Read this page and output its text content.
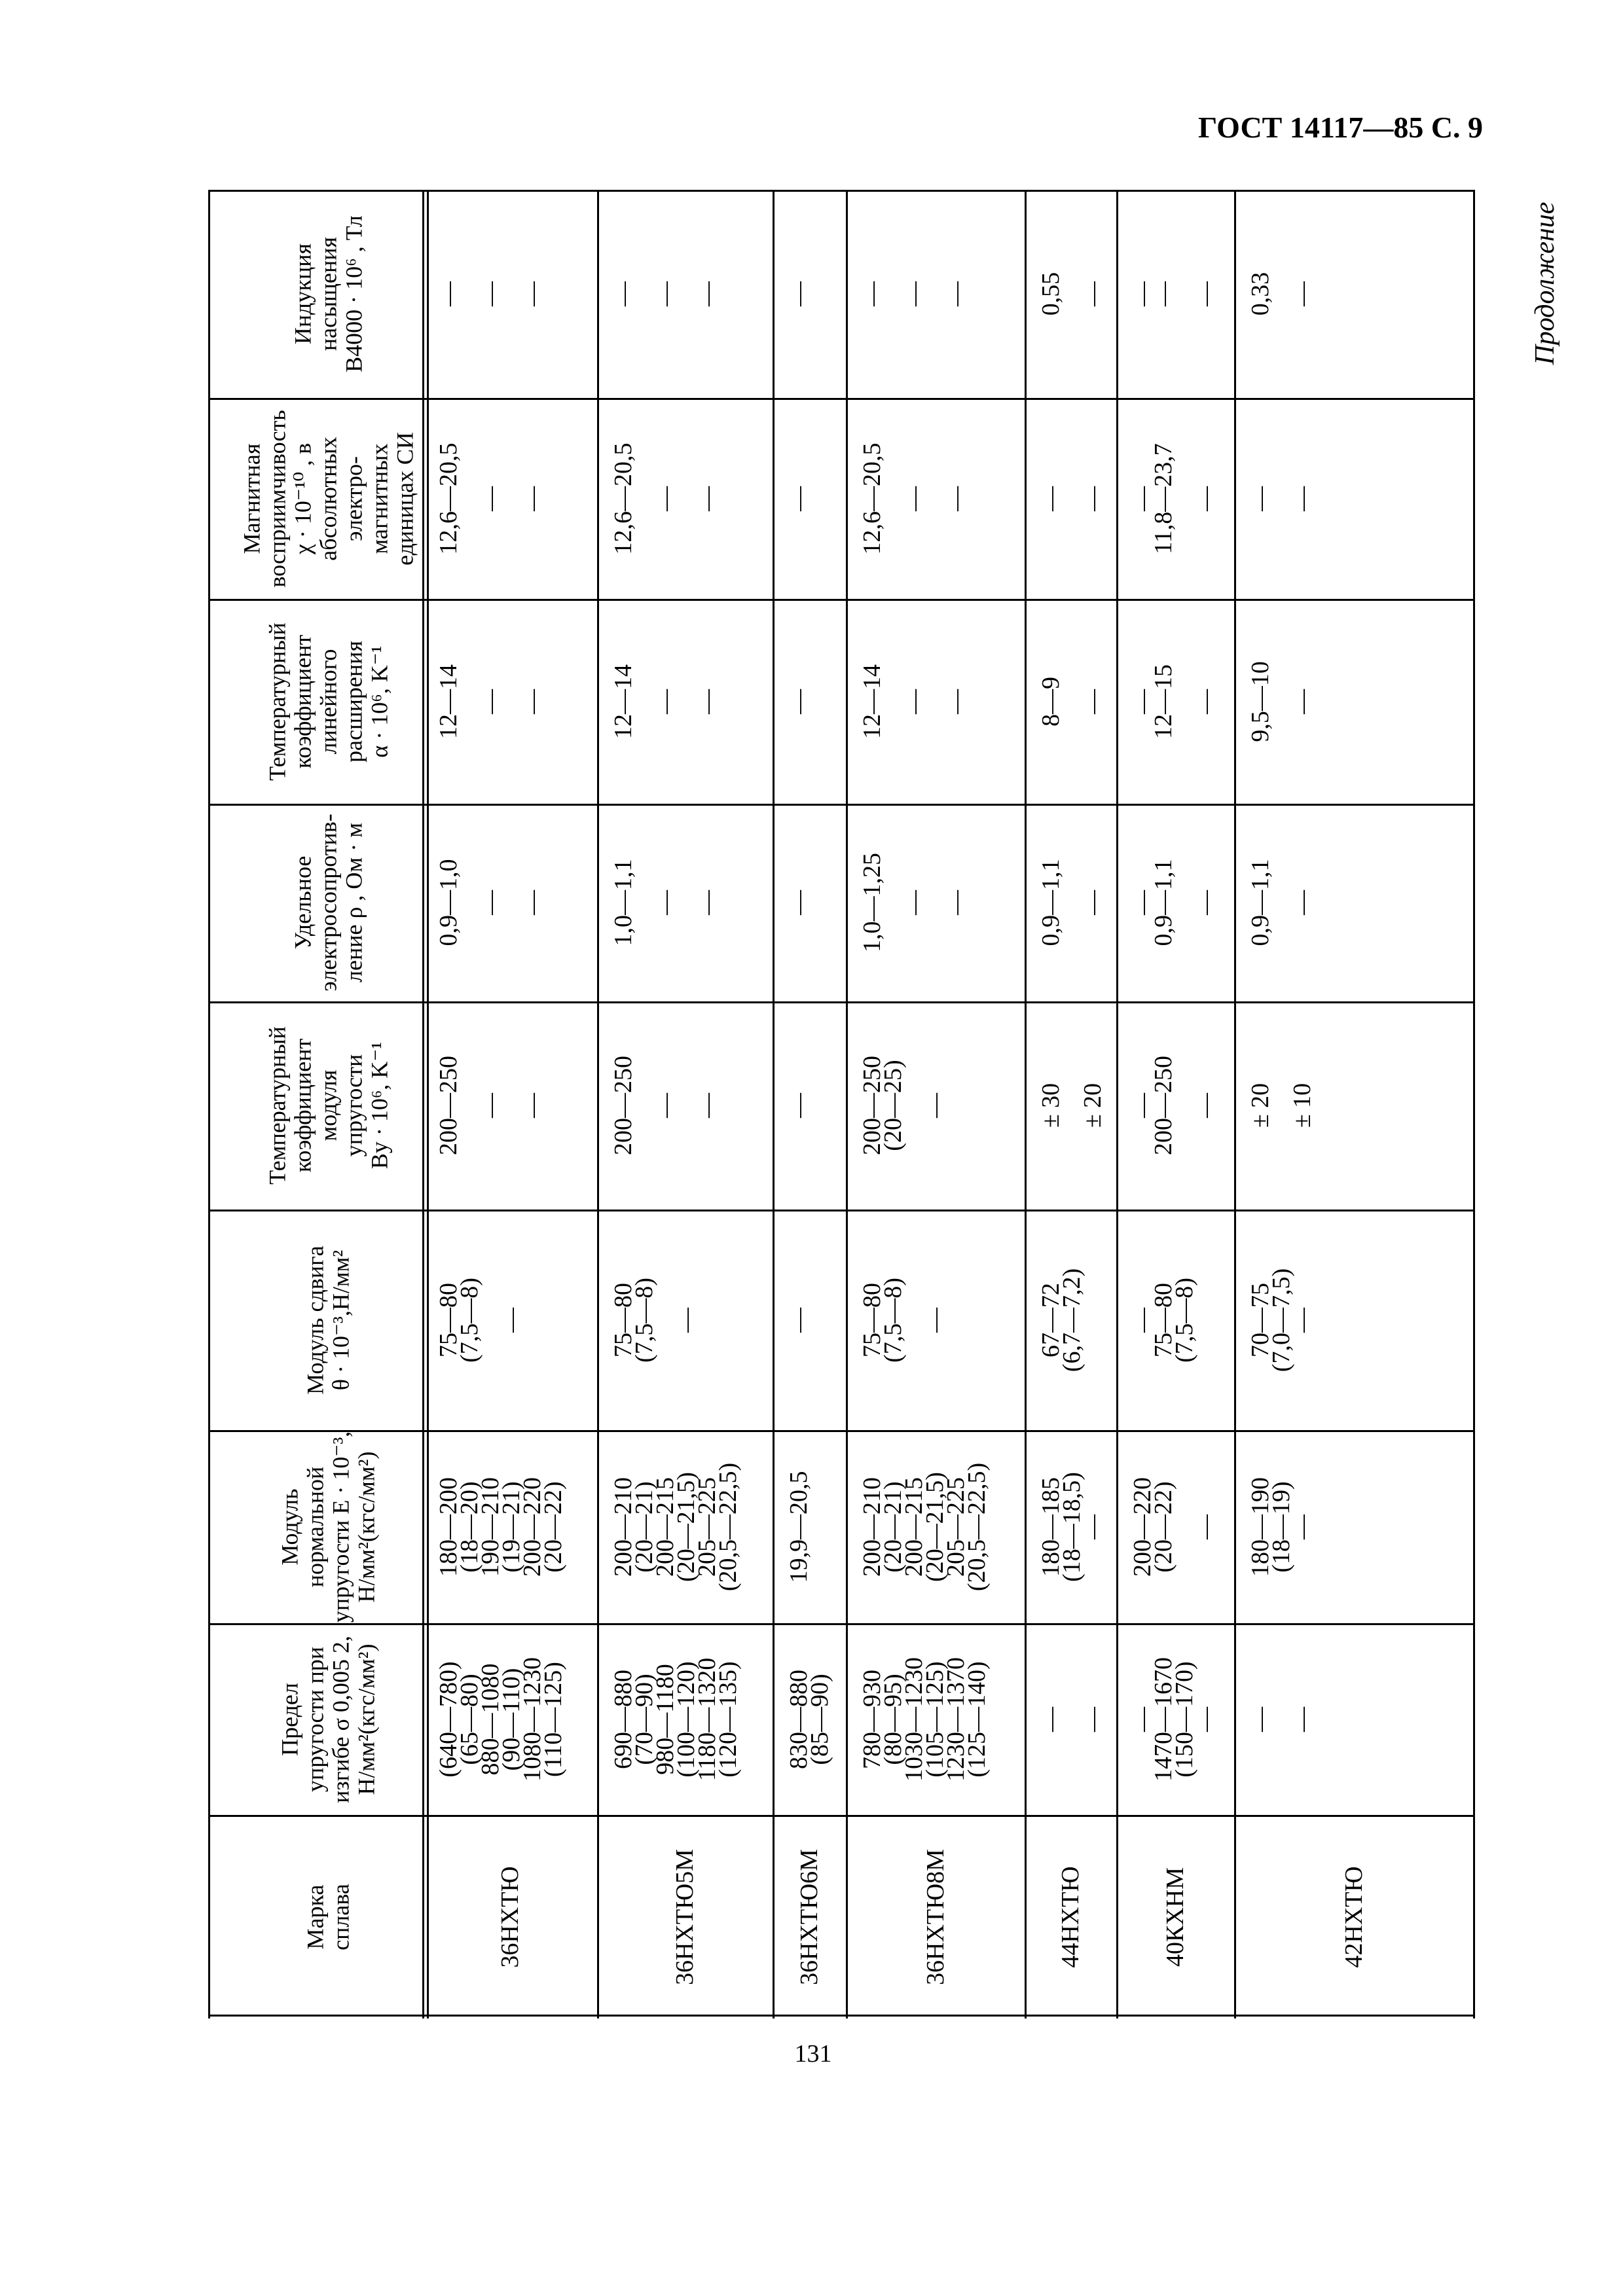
ГОСТ 14117—85 С. 9
Продолжение
Марка сплава
Предел упругости при изгибе σ 0,005 2, Н/мм²(кгс/мм²)
Модуль нормальной упругости E · 10⁻³, Н/мм²(кгс/мм²)
Модуль сдвига θ · 10⁻³,Н/мм²
Температурный коэффициент модуля упругости Bу · 10⁶, K⁻¹
Удельное электросопротив- ление ρ , Ом · м
Температурный коэффициент линейного расширения α · 10⁶, K⁻¹
Магнитная восприимчивость χ · 10⁻¹⁰ , в абсолютных электро- магнитных единицах СИ
Индукция насыщения B4000 · 10⁶ , Тл
36НХТЮ
(640—780)
(65—80)
880—1080
(90—110)
1080—1230
(110—125)
180—200
(18—20)
190—210
(19—21)
200—220
(20—22)
75—80
(7,5—8) —
200—250 — —
0,9—1,0 — —
12—14 — —
12,6—20,5 — —
— — —
36НХТЮ5М
690—880
(70—90)
980—1180
(100—120)
1180—1320
(120—135)
200—210
(20—21)
200—215
(20—21,5)
205—225
(20,5—22,5)
75—80
(7,5—8) —
200—250 — —
1,0—1,1 — —
12—14 — —
12,6—20,5 — —
— — —
36НХТЮ6М
830—880
(85—90)
19,9—20,5
—
—
—
—
—
—
36НХТЮ8М
780—930
(80—95)
1030—1230
(105—125)
1230—1370
(125—140)
200—210
(20—21)
200—215
(20—21,5)
205—225
(20,5—22,5)
75—80
(7,5—8) —
200—250
(20—25) —
1,0—1,25 — —
12—14 — —
12,6—20,5 — —
— — —
44НХТЮ
— —
180—185
(18—18,5)
—
67—72
(6,7—7,2)
± 30 ± 20
0,9—1,1 —
8—9 —
— —
0,55 —
40КХНМ
—
1470—1670
(150—170)
—
200—220
(20—22) —
—
75—80
(7,5—8)
—
200—250 —
—
0,9—1,1 —
—
12—15 —
—
11,8—23,7 —
—
— —
42НХТЮ
— —
180—190
(18—19)
—
70—75
(7,0—7,5)
—
± 20 ± 10
0,9—1,1 —
9,5—10 —
— —
0,33 —
131
